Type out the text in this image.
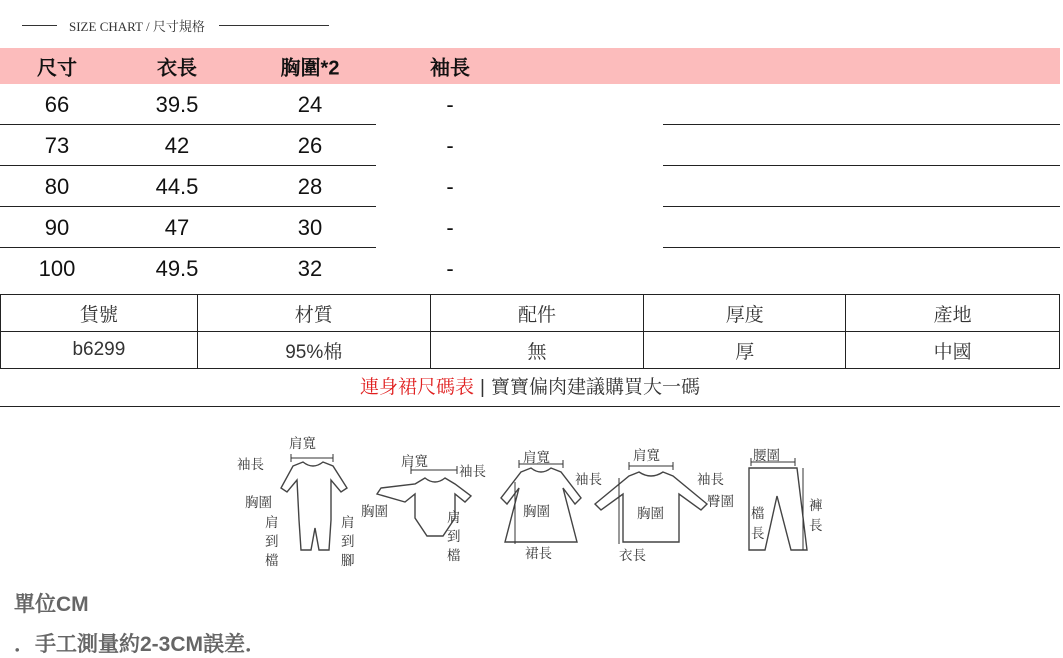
SIZE CHART / 尺寸規格
尺寸	衣長	胸圍*2	袖長
66	39.5	24	-
73	42	26	-
80	44.5	28	-
90	47	30	-
100	49.5	32	-
貨號	材質	配件	厚度	產地
b6299	95%棉	無	厚	中國
連身裙尺碼表 | 寶寶偏肉建議購買大一碼
肩寬
袖長
胸圍
肩到檔
肩到腳
肩寬
袖長
胸圍	肩到檔
肩寬
袖長
胸圍
裙長
肩寬
袖長
胸圍
衣長
腰圍
臀圍
檔長
褲長
單位CM
．手工測量約2-3CM誤差．
